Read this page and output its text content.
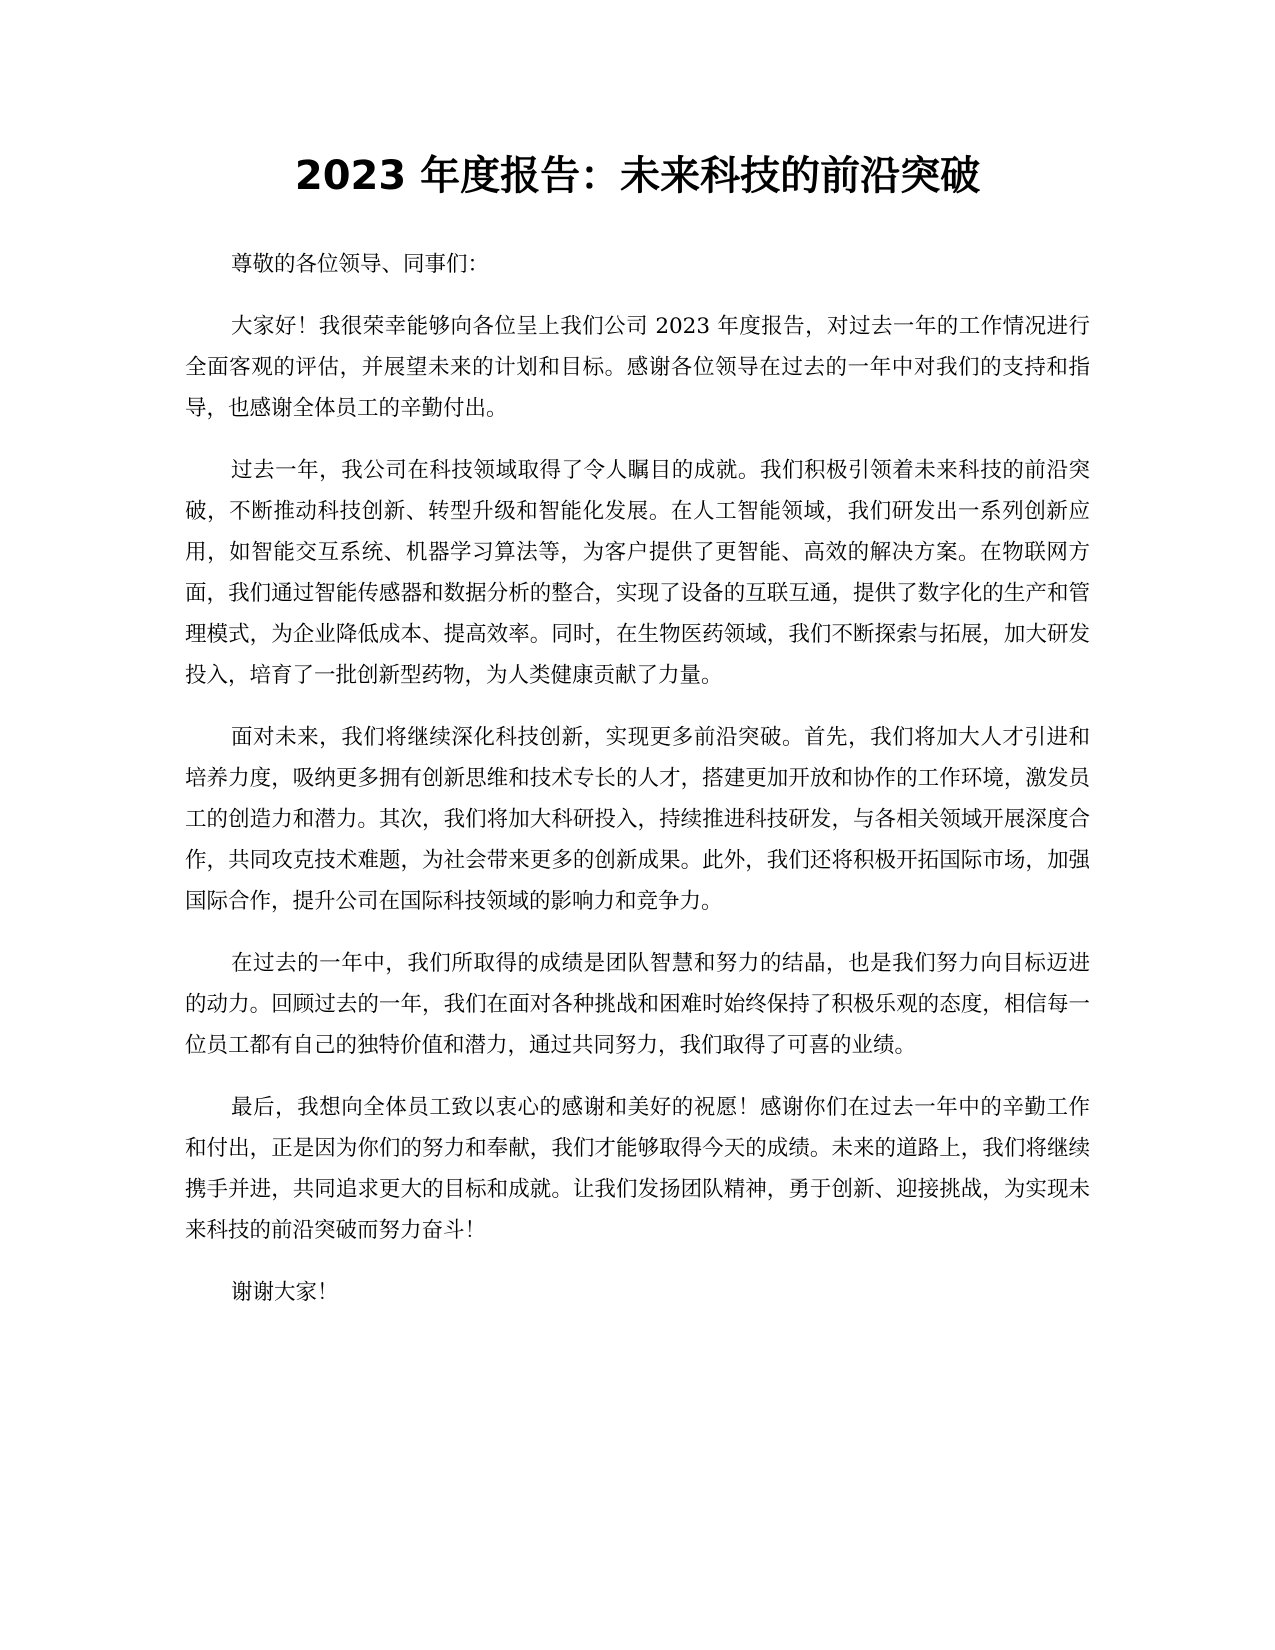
2023 年度报告：未来科技的前沿突破

尊敬的各位领导、同事们：

大家好！我很荣幸能够向各位呈上我们公司 2023 年度报告，对过去一年的工作情况进行全面客观的评估，并展望未来的计划和目标。感谢各位领导在过去的一年中对我们的支持和指导，也感谢全体员工的辛勤付出。

过去一年，我公司在科技领域取得了令人瞩目的成就。我们积极引领着未来科技的前沿突破，不断推动科技创新、转型升级和智能化发展。在人工智能领域，我们研发出一系列创新应用，如智能交互系统、机器学习算法等，为客户提供了更智能、高效的解决方案。在物联网方面，我们通过智能传感器和数据分析的整合，实现了设备的互联互通，提供了数字化的生产和管理模式，为企业降低成本、提高效率。同时，在生物医药领域，我们不断探索与拓展，加大研发投入，培育了一批创新型药物，为人类健康贡献了力量。

面对未来，我们将继续深化科技创新，实现更多前沿突破。首先，我们将加大人才引进和培养力度，吸纳更多拥有创新思维和技术专长的人才，搭建更加开放和协作的工作环境，激发员工的创造力和潜力。其次，我们将加大科研投入，持续推进科技研发，与各相关领域开展深度合作，共同攻克技术难题，为社会带来更多的创新成果。此外，我们还将积极开拓国际市场，加强国际合作，提升公司在国际科技领域的影响力和竞争力。

在过去的一年中，我们所取得的成绩是团队智慧和努力的结晶，也是我们努力向目标迈进的动力。回顾过去的一年，我们在面对各种挑战和困难时始终保持了积极乐观的态度，相信每一位员工都有自己的独特价值和潜力，通过共同努力，我们取得了可喜的业绩。

最后，我想向全体员工致以衷心的感谢和美好的祝愿！感谢你们在过去一年中的辛勤工作和付出，正是因为你们的努力和奉献，我们才能够取得今天的成绩。未来的道路上，我们将继续携手并进，共同追求更大的目标和成就。让我们发扬团队精神，勇于创新、迎接挑战，为实现未来科技的前沿突破而努力奋斗！

谢谢大家！
